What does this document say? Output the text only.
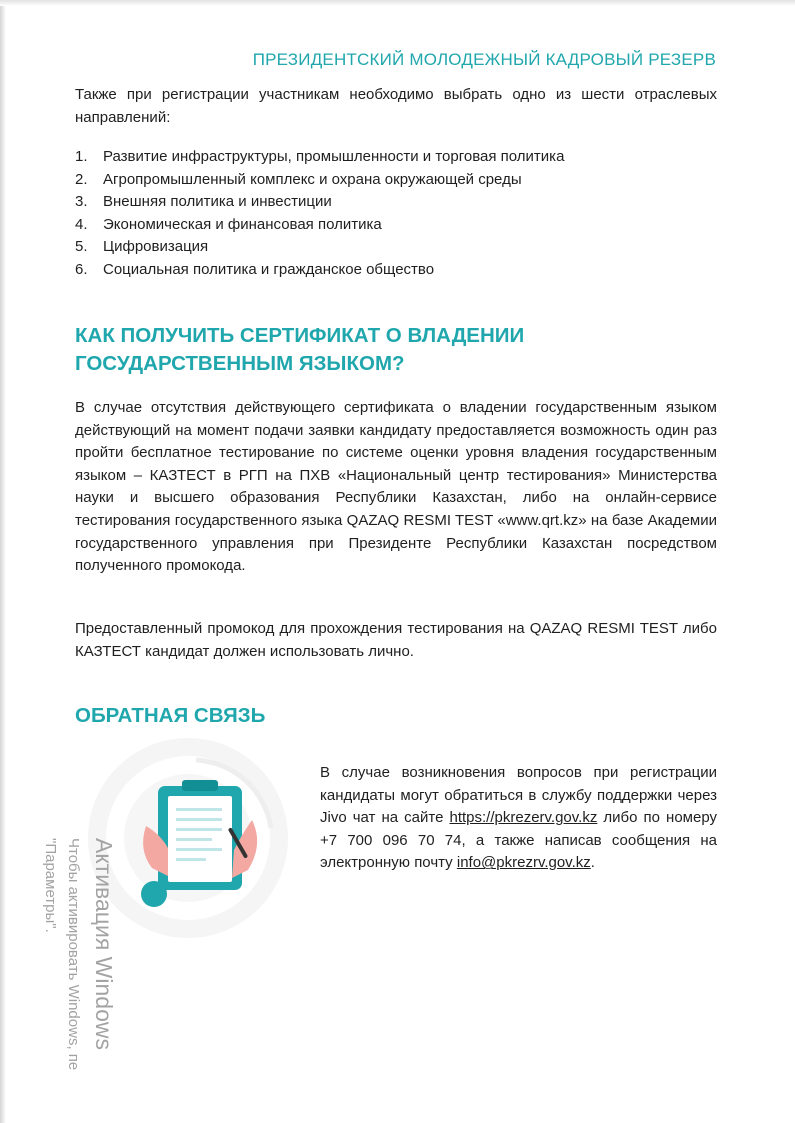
ПРЕЗИДЕНТСКИЙ МОЛОДЕЖНЫЙ КАДРОВЫЙ РЕЗЕРВ

Также при регистрации участникам необходимо выбрать одно из шести отраслевых направлений:

1.	Развитие инфраструктуры, промышленности и торговая политика
2.	Агропромышленный комплекс и охрана окружающей среды
3.	Внешняя политика и инвестиции
4.	Экономическая и финансовая политика
5.	Цифровизация
6.	Социальная политика и гражданское общество
КАК ПОЛУЧИТЬ СЕРТИФИКАТ О ВЛАДЕНИИ
ГОСУДАРСТВЕННЫМ ЯЗЫКОМ?

В случае отсутствия действующего сертификата о владении государственным языком действующий на момент подачи заявки кандидату предоставляется возможность один раз пройти бесплатное тестирование по системе оценки уровня владения государственным языком – КАЗТЕСТ в РГП на ПХВ «Национальный центр тестирования» Министерства науки и высшего образования Республики Казахстан, либо на онлайн-сервисе тестирования государственного языка QAZAQ RESMI TEST «www.qrt.kz» на базе Академии государственного управления при Президенте Республики Казахстан посредством полученного промокода.

Предоставленный промокод для прохождения тестирования на QAZAQ RESMI TEST либо КАЗТЕСТ кандидат должен использовать лично.

ОБРАТНАЯ СВЯЗЬ

В случае возникновения вопросов при регистрации кандидаты могут обратиться в службу поддержки через Jivo чат на сайте https://pkrezerv.gov.kz либо по номеру +7 700 096 70 74, а также написав сообщения на электронную почту info@pkrezrv.gov.kz.

Активация Windows
Чтобы активировать Windows, пе
"Параметры".
